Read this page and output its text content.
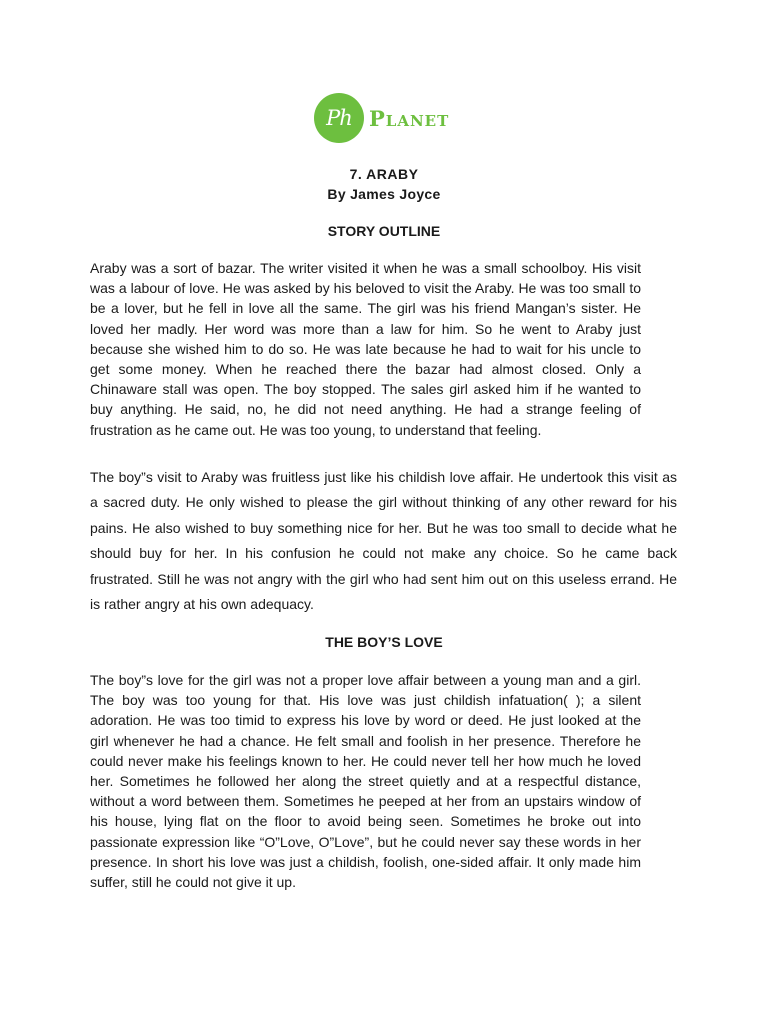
Ph Planet
7. ARABY
By James Joyce
STORY OUTLINE

Araby was a sort of bazar. The writer visited it when he was a small schoolboy. His visit was a labour of love. He was asked by his beloved to visit the Araby. He was too small to be a lover, but he fell in love all the same. The girl was his friend Mangan’s sister. He loved her madly. Her word was more than a law for him. So he went to Araby just because she wished him to do so. He was late because he had to wait for his uncle to get some money. When he reached there the bazar had almost closed. Only a Chinaware stall was open. The boy stopped. The sales girl asked him if he wanted to buy anything. He said, no, he did not need anything. He had a strange feeling of frustration as he came out. He was too young, to understand that feeling.

The boy”s visit to Araby was fruitless just like his childish love affair. He undertook this visit as a sacred duty. He only wished to please the girl without thinking of any other reward for his pains. He also wished to buy something nice for her. But he was too small to decide what he should buy for her. In his confusion he could not make any choice. So he came back frustrated. Still he was not angry with the girl who had sent him out on this useless errand. He is rather angry at his own adequacy.

THE BOY’S LOVE

The boy”s love for the girl was not a proper love affair between a young man and a girl. The boy was too young for that. His love was just childish infatuation( ); a silent adoration. He was too timid to express his love by word or deed. He just looked at the girl whenever he had a chance. He felt small and foolish in her presence. Therefore he could never make his feelings known to her. He could never tell her how much he loved her. Sometimes he followed her along the street quietly and at a respectful distance, without a word between them. Sometimes he peeped at her from an upstairs window of his house, lying flat on the floor to avoid being seen. Sometimes he broke out into passionate expression like “O”Love, O”Love”, but he could never say these words in her presence. In short his love was just a childish, foolish, one-sided affair. It only made him suffer, still he could not give it up.
